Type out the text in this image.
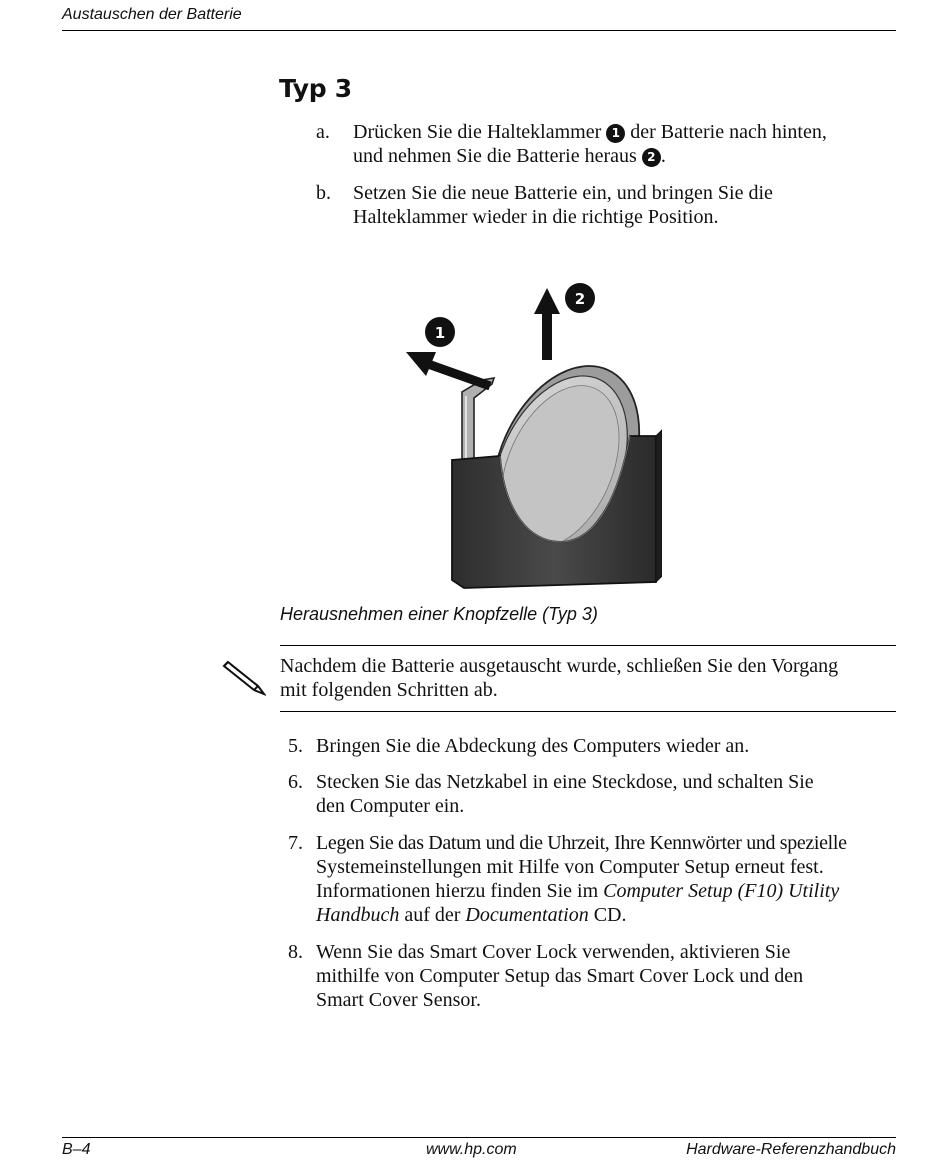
Austauschen der Batterie
Typ 3
a. Drücken Sie die Halteklammer 1 der Batterie nach hinten,
und nehmen Sie die Batterie heraus 2 .
b. Setzen Sie die neue Batterie ein, und bringen Sie die
Halteklammer wieder in die richtige Position.
1
2
Herausnehmen einer Knopfzelle (Typ 3)
Nachdem die Batterie ausgetauscht wurde, schließen Sie den Vorgang
mit folgenden Schritten ab.
5. Bringen Sie die Abdeckung des Computers wieder an.
6. Stecken Sie das Netzkabel in eine Steckdose, und schalten Sie
den Computer ein.
7. Legen Sie das Datum und die Uhrzeit, Ihre Kennwörter und spezielle
Systemeinstellungen mit Hilfe von Computer Setup erneut fest.
Informationen hierzu finden Sie im Computer Setup (F10) Utility
Handbuch auf der Documentation CD.
8. Wenn Sie das Smart Cover Lock verwenden, aktivieren Sie
mithilfe von Computer Setup das Smart Cover Lock und den
Smart Cover Sensor.
B–4	www.hp.com	Hardware-Referenzhandbuch
